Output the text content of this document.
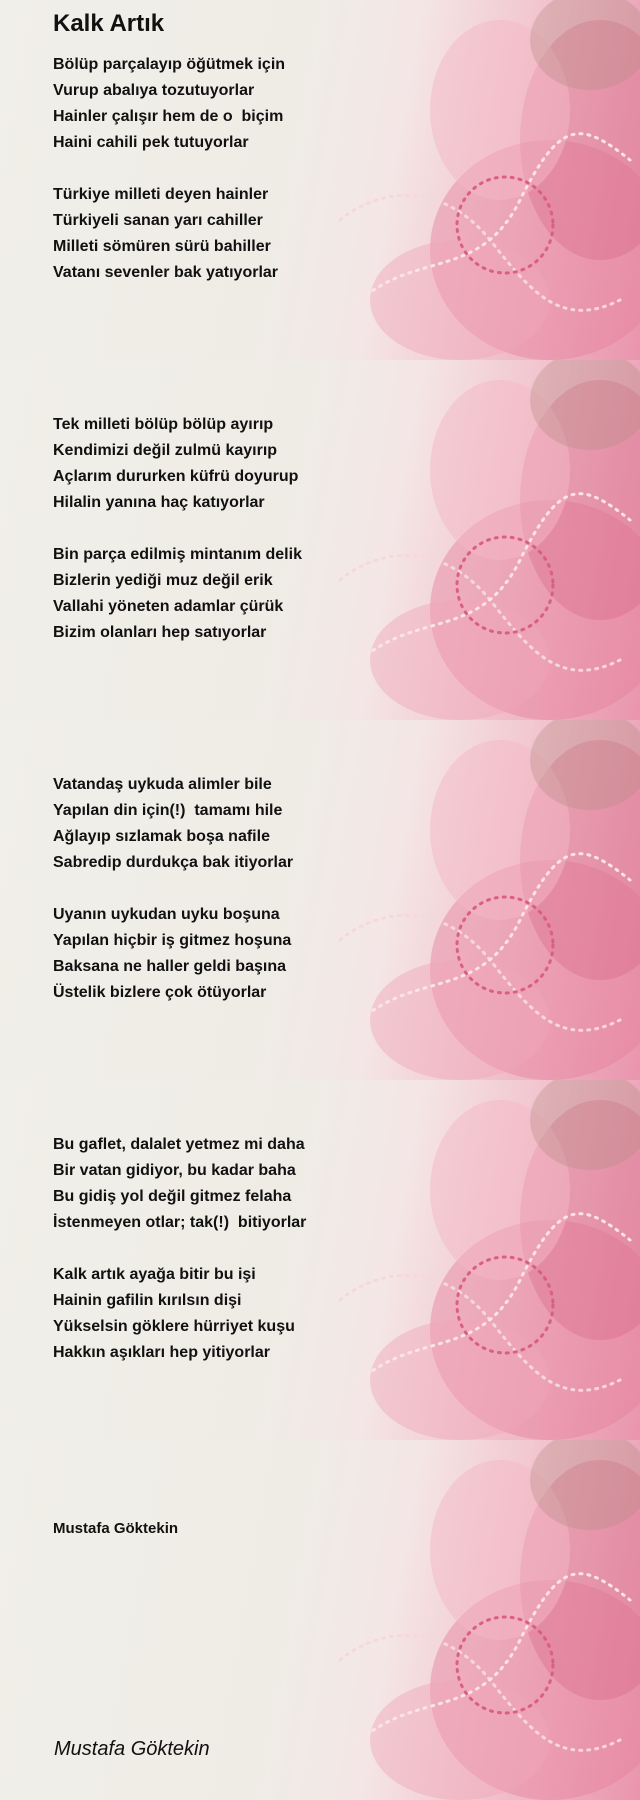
Kalk Artık

Bölüp parçalayıp öğütmek için
Vurup abalıya tozutuyorlar
Hainler çalışır hem de o  biçim
Haini cahili pek tutuyorlar

Türkiye milleti deyen hainler
Türkiyeli sanan yarı cahiller
Milleti sömüren sürü bahiller
Vatanı sevenler bak yatıyorlar

Tek milleti bölüp bölüp ayırıp
Kendimizi değil zulmü kayırıp
Açlarım dururken küfrü doyurup
Hilalin yanına haç katıyorlar

Bin parça edilmiş mintanım delik
Bizlerin yediği muz değil erik
Vallahi yöneten adamlar çürük
Bizim olanları hep satıyorlar

Vatandaş uykuda alimler bile
Yapılan din için(!)  tamamı hile
Ağlayıp sızlamak boşa nafile
Sabredip durdukça bak itiyorlar

Uyanın uykudan uyku boşuna
Yapılan hiçbir iş gitmez hoşuna
Baksana ne haller geldi başına
Üstelik bizlere çok ötüyorlar

Bu gaflet, dalalet yetmez mi daha
Bir vatan gidiyor, bu kadar baha
Bu gidiş yol değil gitmez felaha
İstenmeyen otlar; tak(!)  bitiyorlar

Kalk artık ayağa bitir bu işi
Hainin gafilin kırılsın dişi
Yükselsin göklere hürriyet kuşu
Hakkın aşıkları hep yitiyorlar

Mustafa Göktekin
Mustafa Göktekin
